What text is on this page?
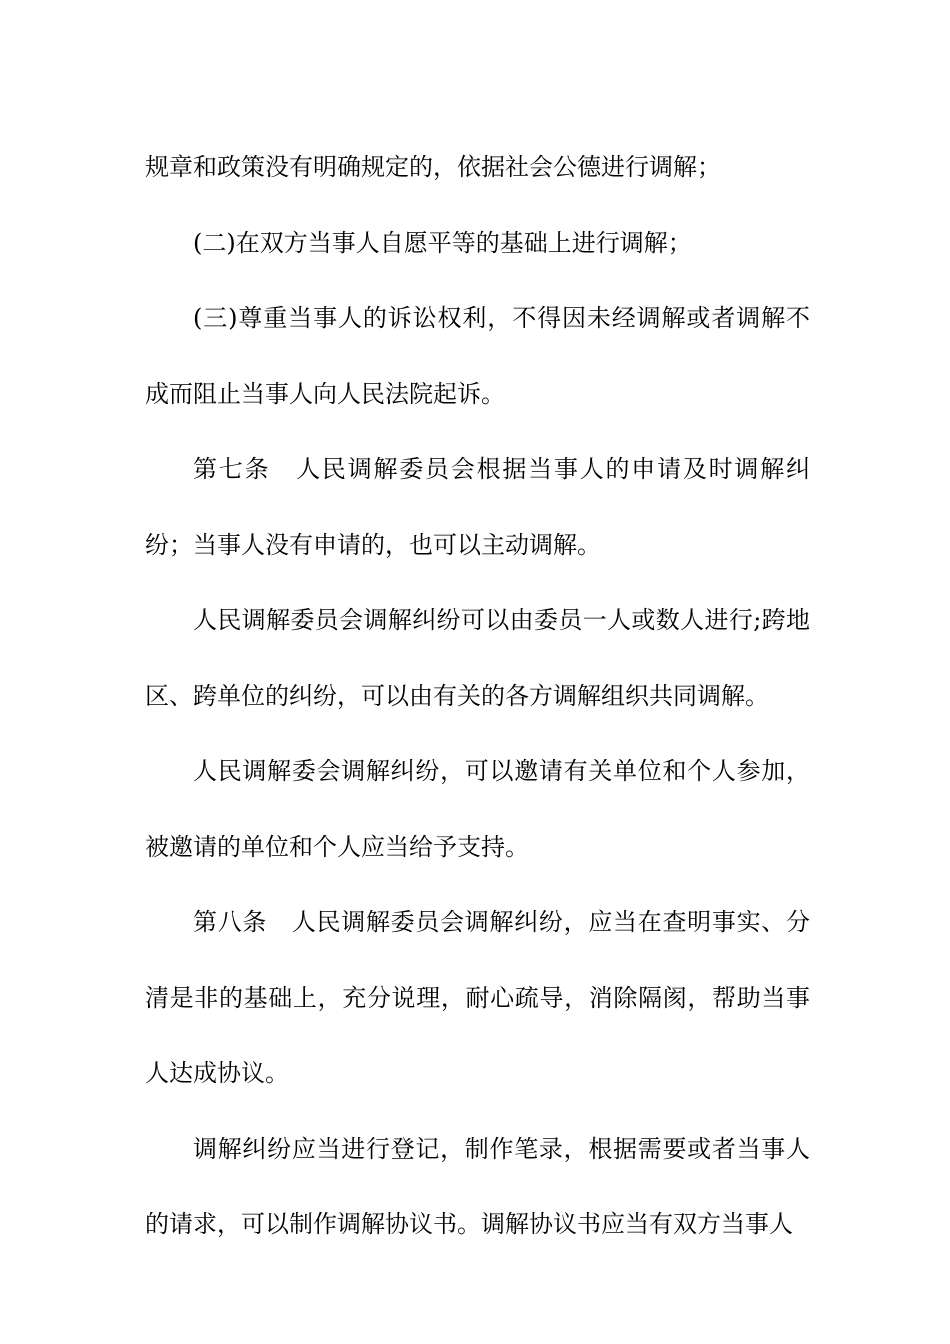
规章和政策没有明确规定的，依据社会公德进行调解；

(二)在双方当事人自愿平等的基础上进行调解；

(三)尊重当事人的诉讼权利，不得因未经调解或者调解不成而阻止当事人向人民法院起诉。

第七条　人民调解委员会根据当事人的申请及时调解纠纷；当事人没有申请的，也可以主动调解。

人民调解委员会调解纠纷可以由委员一人或数人进行;跨地区、跨单位的纠纷，可以由有关的各方调解组织共同调解。

人民调解委会调解纠纷，可以邀请有关单位和个人参加，被邀请的单位和个人应当给予支持。

第八条　人民调解委员会调解纠纷，应当在查明事实、分清是非的基础上，充分说理，耐心疏导，消除隔阂，帮助当事人达成协议。

调解纠纷应当进行登记，制作笔录，根据需要或者当事人的请求，可以制作调解协议书。调解协议书应当有双方当事人
